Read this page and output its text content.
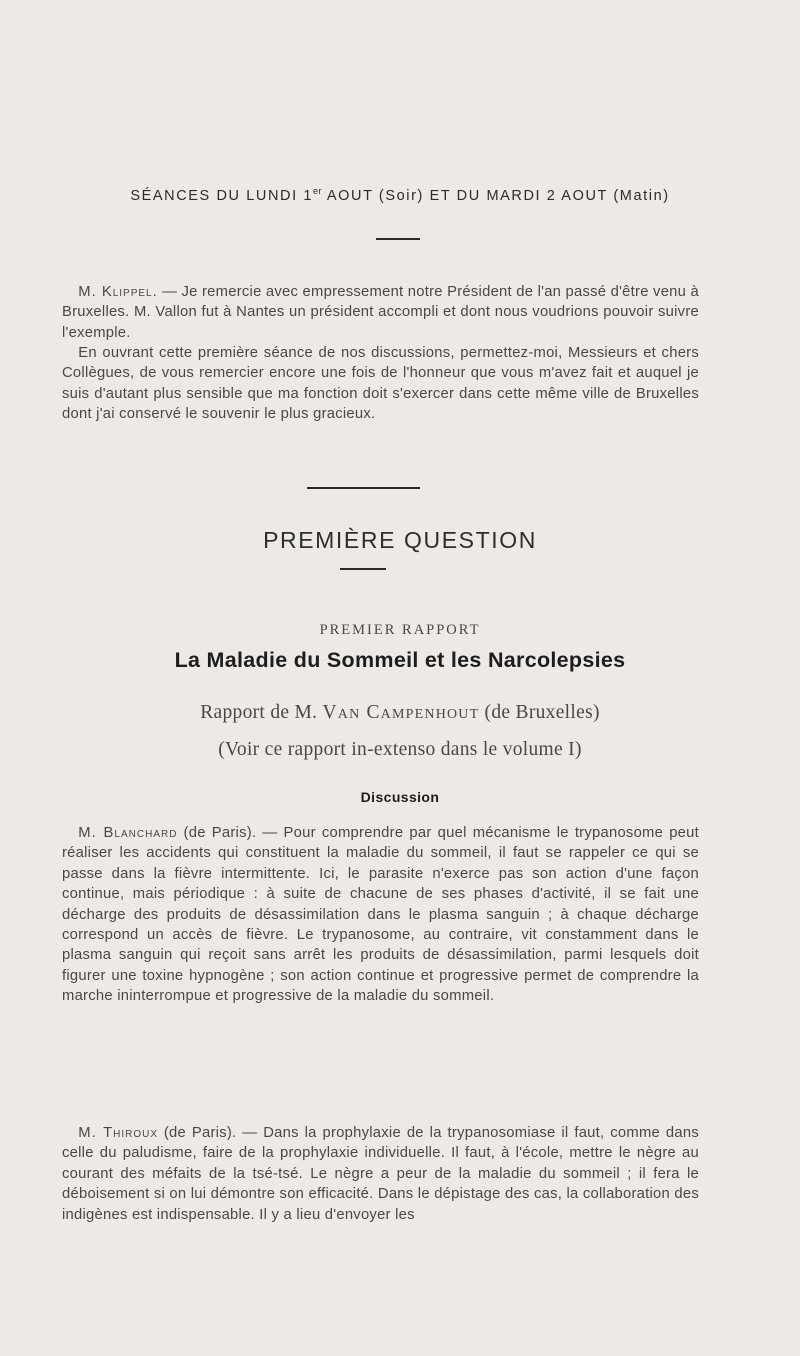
SÉANCES DU LUNDI 1er AOUT (Soir) ET DU MARDI 2 AOUT (Matin)

M. Klippel. — Je remercie avec empressement notre Président de l'an passé d'être venu à Bruxelles. M. Vallon fut à Nantes un président accompli et dont nous voudrions pouvoir suivre l'exemple.

En ouvrant cette première séance de nos discussions, permettez-moi, Messieurs et chers Collègues, de vous remercier encore une fois de l'honneur que vous m'avez fait et auquel je suis d'autant plus sensible que ma fonction doit s'exercer dans cette même ville de Bruxelles dont j'ai conservé le souvenir le plus gracieux.

PREMIÈRE QUESTION

PREMIER RAPPORT

La Maladie du Sommeil et les Narcolepsies

Rapport de M. Van Campenhout (de Bruxelles)

(Voir ce rapport in-extenso dans le volume I)

Discussion

M. Blanchard (de Paris). — Pour comprendre par quel mécanisme le trypanosome peut réaliser les accidents qui constituent la maladie du sommeil, il faut se rappeler ce qui se passe dans la fièvre intermittente. Ici, le parasite n'exerce pas son action d'une façon continue, mais périodique : à suite de chacune de ses phases d'activité, il se fait une décharge des produits de désassimilation dans le plasma sanguin ; à chaque décharge correspond un accès de fièvre. Le trypanosome, au contraire, vit constamment dans le plasma sanguin qui reçoit sans arrêt les produits de désassimilation, parmi lesquels doit figurer une toxine hypnogène ; son action continue et progressive permet de comprendre la marche ininterrompue et progressive de la maladie du sommeil.

M. Thiroux (de Paris). — Dans la prophylaxie de la trypanosomiase il faut, comme dans celle du paludisme, faire de la prophylaxie individuelle. Il faut, à l'école, mettre le nègre au courant des méfaits de la tsé-tsé. Le nègre a peur de la maladie du sommeil ; il fera le déboisement si on lui démontre son efficacité. Dans le dépistage des cas, la collaboration des indigènes est indispensable. Il y a lieu d'envoyer les
